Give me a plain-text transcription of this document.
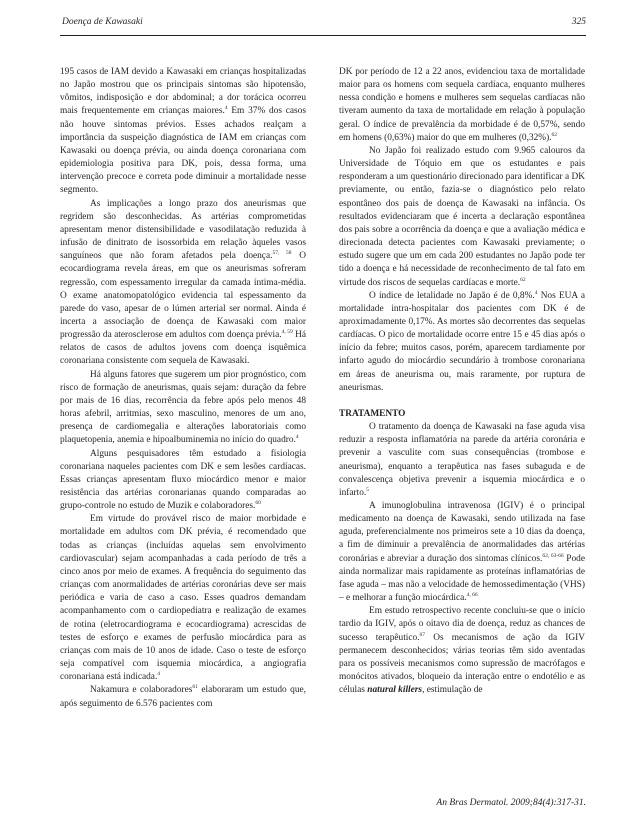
Doença de Kawasaki	325

195 casos de IAM devido a Kawasaki em crianças hospitalizadas no Japão mostrou que os principais sintomas são hipotensão, vômitos, indisposição e dor abdominal; a dor torácica ocorreu mais frequentemente em crianças maiores.$^4$ Em 37% dos casos não houve sintomas prévios. Esses achados realçam a importância da suspeição diagnóstica de IAM em crianças com Kawasaki ou doença prévia, ou ainda doença coronariana com epidemiologia positiva para DK, pois, dessa forma, uma intervenção precoce e correta pode diminuir a mortalidade nesse segmento.

As implicações a longo prazo dos aneurismas que regridem são desconhecidas. As artérias comprometidas apresentam menor distensibilidade e vasodilatação reduzida à infusão de dinitrato de isossorbida em relação àqueles vasos sanguíneos que não foram afetados pela doença.$^{57, 58}$ O ecocardiograma revela áreas, em que os aneurismas sofreram regressão, com espessamento irregular da camada íntima-média. O exame anatomopatológico evidencia tal espessamento da parede do vaso, apesar de o lúmen arterial ser normal. Ainda é incerta a associação de doença de Kawasaki com maior progressão da aterosclerose em adultos com doença prévia.$^{4, 59}$ Há relatos de casos de adultos jovens com doença isquêmica coronariana consistente com sequela de Kawasaki.

Há alguns fatores que sugerem um pior prognóstico, com risco de formação de aneurismas, quais sejam: duração da febre por mais de 16 dias, recorrência da febre após pelo menos 48 horas afebril, arritmias, sexo masculino, menores de um ano, presença de cardiomegalia e alterações laboratoriais como plaquetopenia, anemia e hipoalbuminemia no início do quadro.$^4$

Alguns pesquisadores têm estudado a fisiologia coronariana naqueles pacientes com DK e sem lesões cardíacas. Essas crianças apresentam fluxo miocárdico menor e maior resistência das artérias coronarianas quando comparadas ao grupo-controle no estudo de Muzik e colaboradores.$^{60}$

Em virtude do provável risco de maior morbidade e mortalidade em adultos com DK prévia, é recomendado que todas as crianças (incluídas aquelas sem envolvimento cardiovascular) sejam acompanhadas a cada período de três a cinco anos por meio de exames. A frequência do seguimento das crianças com anormalidades de artérias coronárias deve ser mais periódica e varia de caso a caso. Esses quadros demandam acompanhamento com o cardiopediatra e realização de exames de rotina (eletrocardiograma e ecocardiograma) acrescidas de testes de esforço e exames de perfusão miocárdica para as crianças com mais de 10 anos de idade. Caso o teste de esforço seja compatível com isquemia miocárdica, a angiografia coronariana está indicada.$^4$

Nakamura e colaboradores$^{61}$ elaboraram um estudo que, após seguimento de 6.576 pacientes com

DK por período de 12 a 22 anos, evidenciou taxa de mortalidade maior para os homens com sequela cardíaca, enquanto mulheres nessa condição e homens e mulheres sem sequelas cardíacas não tiveram aumento da taxa de mortalidade em relação à população geral. O índice de prevalência da morbidade é de 0,57%, sendo em homens (0,63%) maior do que em mulheres (0,32%).$^{62}$

No Japão foi realizado estudo com 9.965 calouros da Universidade de Tóquio em que os estudantes e pais responderam a um questionário direcionado para identificar a DK previamente, ou então, fazia-se o diagnóstico pelo relato espontâneo dos pais de doença de Kawasaki na infância. Os resultados evidenciaram que é incerta a declaração espontânea dos pais sobre a ocorrência da doença e que a avaliação médica e direcionada detecta pacientes com Kawasaki previamente; o estudo sugere que um em cada 200 estudantes no Japão pode ter tido a doença e há necessidade de reconhecimento de tal fato em virtude dos riscos de sequelas cardíacas e morte.$^{62}$

O índice de letalidade no Japão é de 0,8%.$^4$ Nos EUA a mortalidade intra-hospitalar dos pacientes com DK é de aproximadamente 0,17%. As mortes são decorrentes das sequelas cardíacas. O pico de mortalidade ocorre entre 15 e 45 dias após o início da febre; muitos casos, porém, aparecem tardiamente por infarto agudo do miocárdio secundário à trombose coronariana em áreas de aneurisma ou, mais raramente, por ruptura de aneurismas.

TRATAMENTO

O tratamento da doença de Kawasaki na fase aguda visa reduzir a resposta inflamatória na parede da artéria coronária e prevenir a vasculite com suas consequências (trombose e aneurisma), enquanto a terapêutica nas fases subaguda e de convalescença objetiva prevenir a isquemia miocárdica e o infarto.$^5$

A imunoglobulina intravenosa (IGIV) é o principal medicamento na doença de Kawasaki, sendo utilizada na fase aguda, preferencialmente nos primeiros sete a 10 dias da doença, a fim de diminuir a prevalência de anormalidades das artérias coronárias e abreviar a duração dos sintomas clínicos.$^{62, 63-66}$ Pode ainda normalizar mais rapidamente as proteínas inflamatórias de fase aguda – mas não a velocidade de hemossedimentação (VHS) – e melhorar a função miocárdica.$^{4, 66}$

Em estudo retrospectivo recente concluiu-se que o início tardio da IGIV, após o oitavo dia de doença, reduz as chances de sucesso terapêutico.$^{67}$ Os mecanismos de ação da IGIV permanecem desconhecidos; várias teorias têm sido aventadas para os possíveis mecanismos como supressão de macrófagos e monócitos ativados, bloqueio da interação entre o endotélio e as células natural killers, estimulação de

An Bras Dermatol. 2009;84(4):317-31.
